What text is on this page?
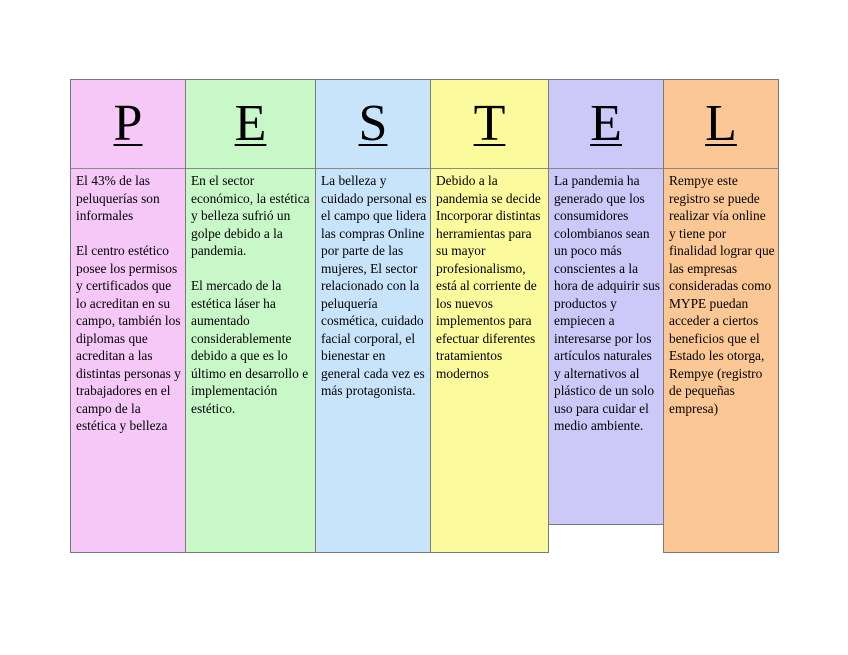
P
El 43% de las peluquerías son informales

El centro estético posee los permisos y certificados que lo acreditan en su campo, también los diplomas que acreditan a las distintas personas y trabajadores en el campo de la estética y belleza
E
En el sector económico, la estética y belleza sufrió un golpe debido a la pandemia.

El mercado de la estética láser ha aumentado considerablemente debido a que es lo último en desarrollo e implementación estético.
S
La belleza y cuidado personal es el campo que lidera las compras Online por parte de las mujeres, El sector relacionado con la peluquería cosmética, cuidado facial corporal, el bienestar en general cada vez es más protagonista.
T
Debido a la pandemia se decide Incorporar distintas herramientas para su mayor profesionalismo, está al corriente de los nuevos implementos para efectuar diferentes tratamientos modernos
E
La pandemia ha generado que los consumidores colombianos sean un poco más conscientes a la hora de adquirir sus productos y empiecen a interesarse por los artículos naturales y alternativos al plástico de un solo uso para cuidar el medio ambiente.
L
Rempye este registro se puede realizar vía online y tiene por finalidad lograr que las empresas consideradas como MYPE puedan acceder a ciertos beneficios que el Estado les otorga, Rempye (registro de pequeñas empresa)
